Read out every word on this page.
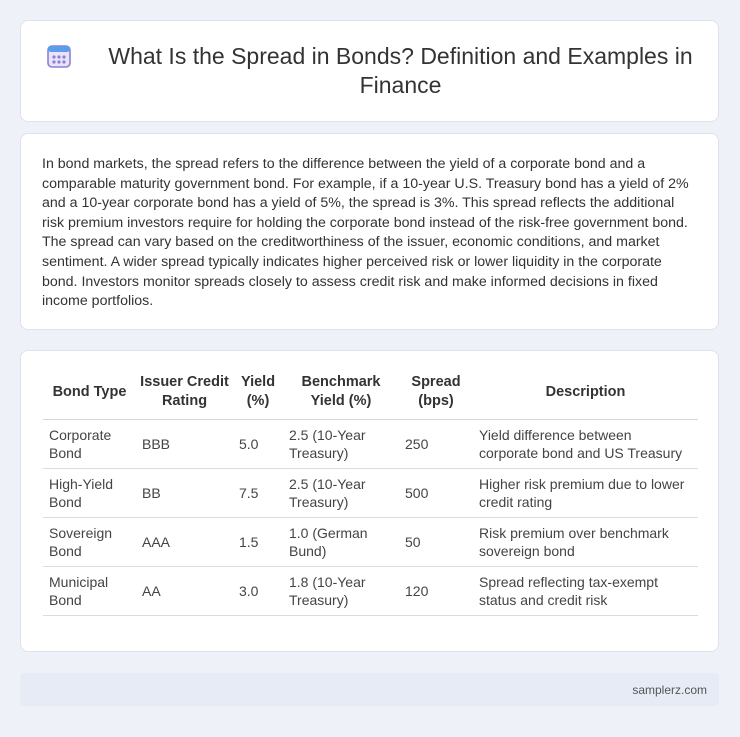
What Is the Spread in Bonds? Definition and Examples in Finance

In bond markets, the spread refers to the difference between the yield of a corporate bond and a comparable maturity government bond. For example, if a 10-year U.S. Treasury bond has a yield of 2% and a 10-year corporate bond has a yield of 5%, the spread is 3%. This spread reflects the additional risk premium investors require for holding the corporate bond instead of the risk-free government bond. The spread can vary based on the creditworthiness of the issuer, economic conditions, and market sentiment. A wider spread typically indicates higher perceived risk or lower liquidity in the corporate bond. Investors monitor spreads closely to assess credit risk and make informed decisions in fixed income portfolios.

Bond Type	Issuer Credit Rating	Yield (%)	Benchmark Yield (%)	Spread (bps)	Description
Corporate Bond	BBB	5.0	2.5 (10-Year Treasury)	250	Yield difference between corporate bond and US Treasury
High-Yield Bond	BB	7.5	2.5 (10-Year Treasury)	500	Higher risk premium due to lower credit rating
Sovereign Bond	AAA	1.5	1.0 (German Bund)	50	Risk premium over benchmark sovereign bond
Municipal Bond	AA	3.0	1.8 (10-Year Treasury)	120	Spread reflecting tax-exempt status and credit risk
samplerz.com
